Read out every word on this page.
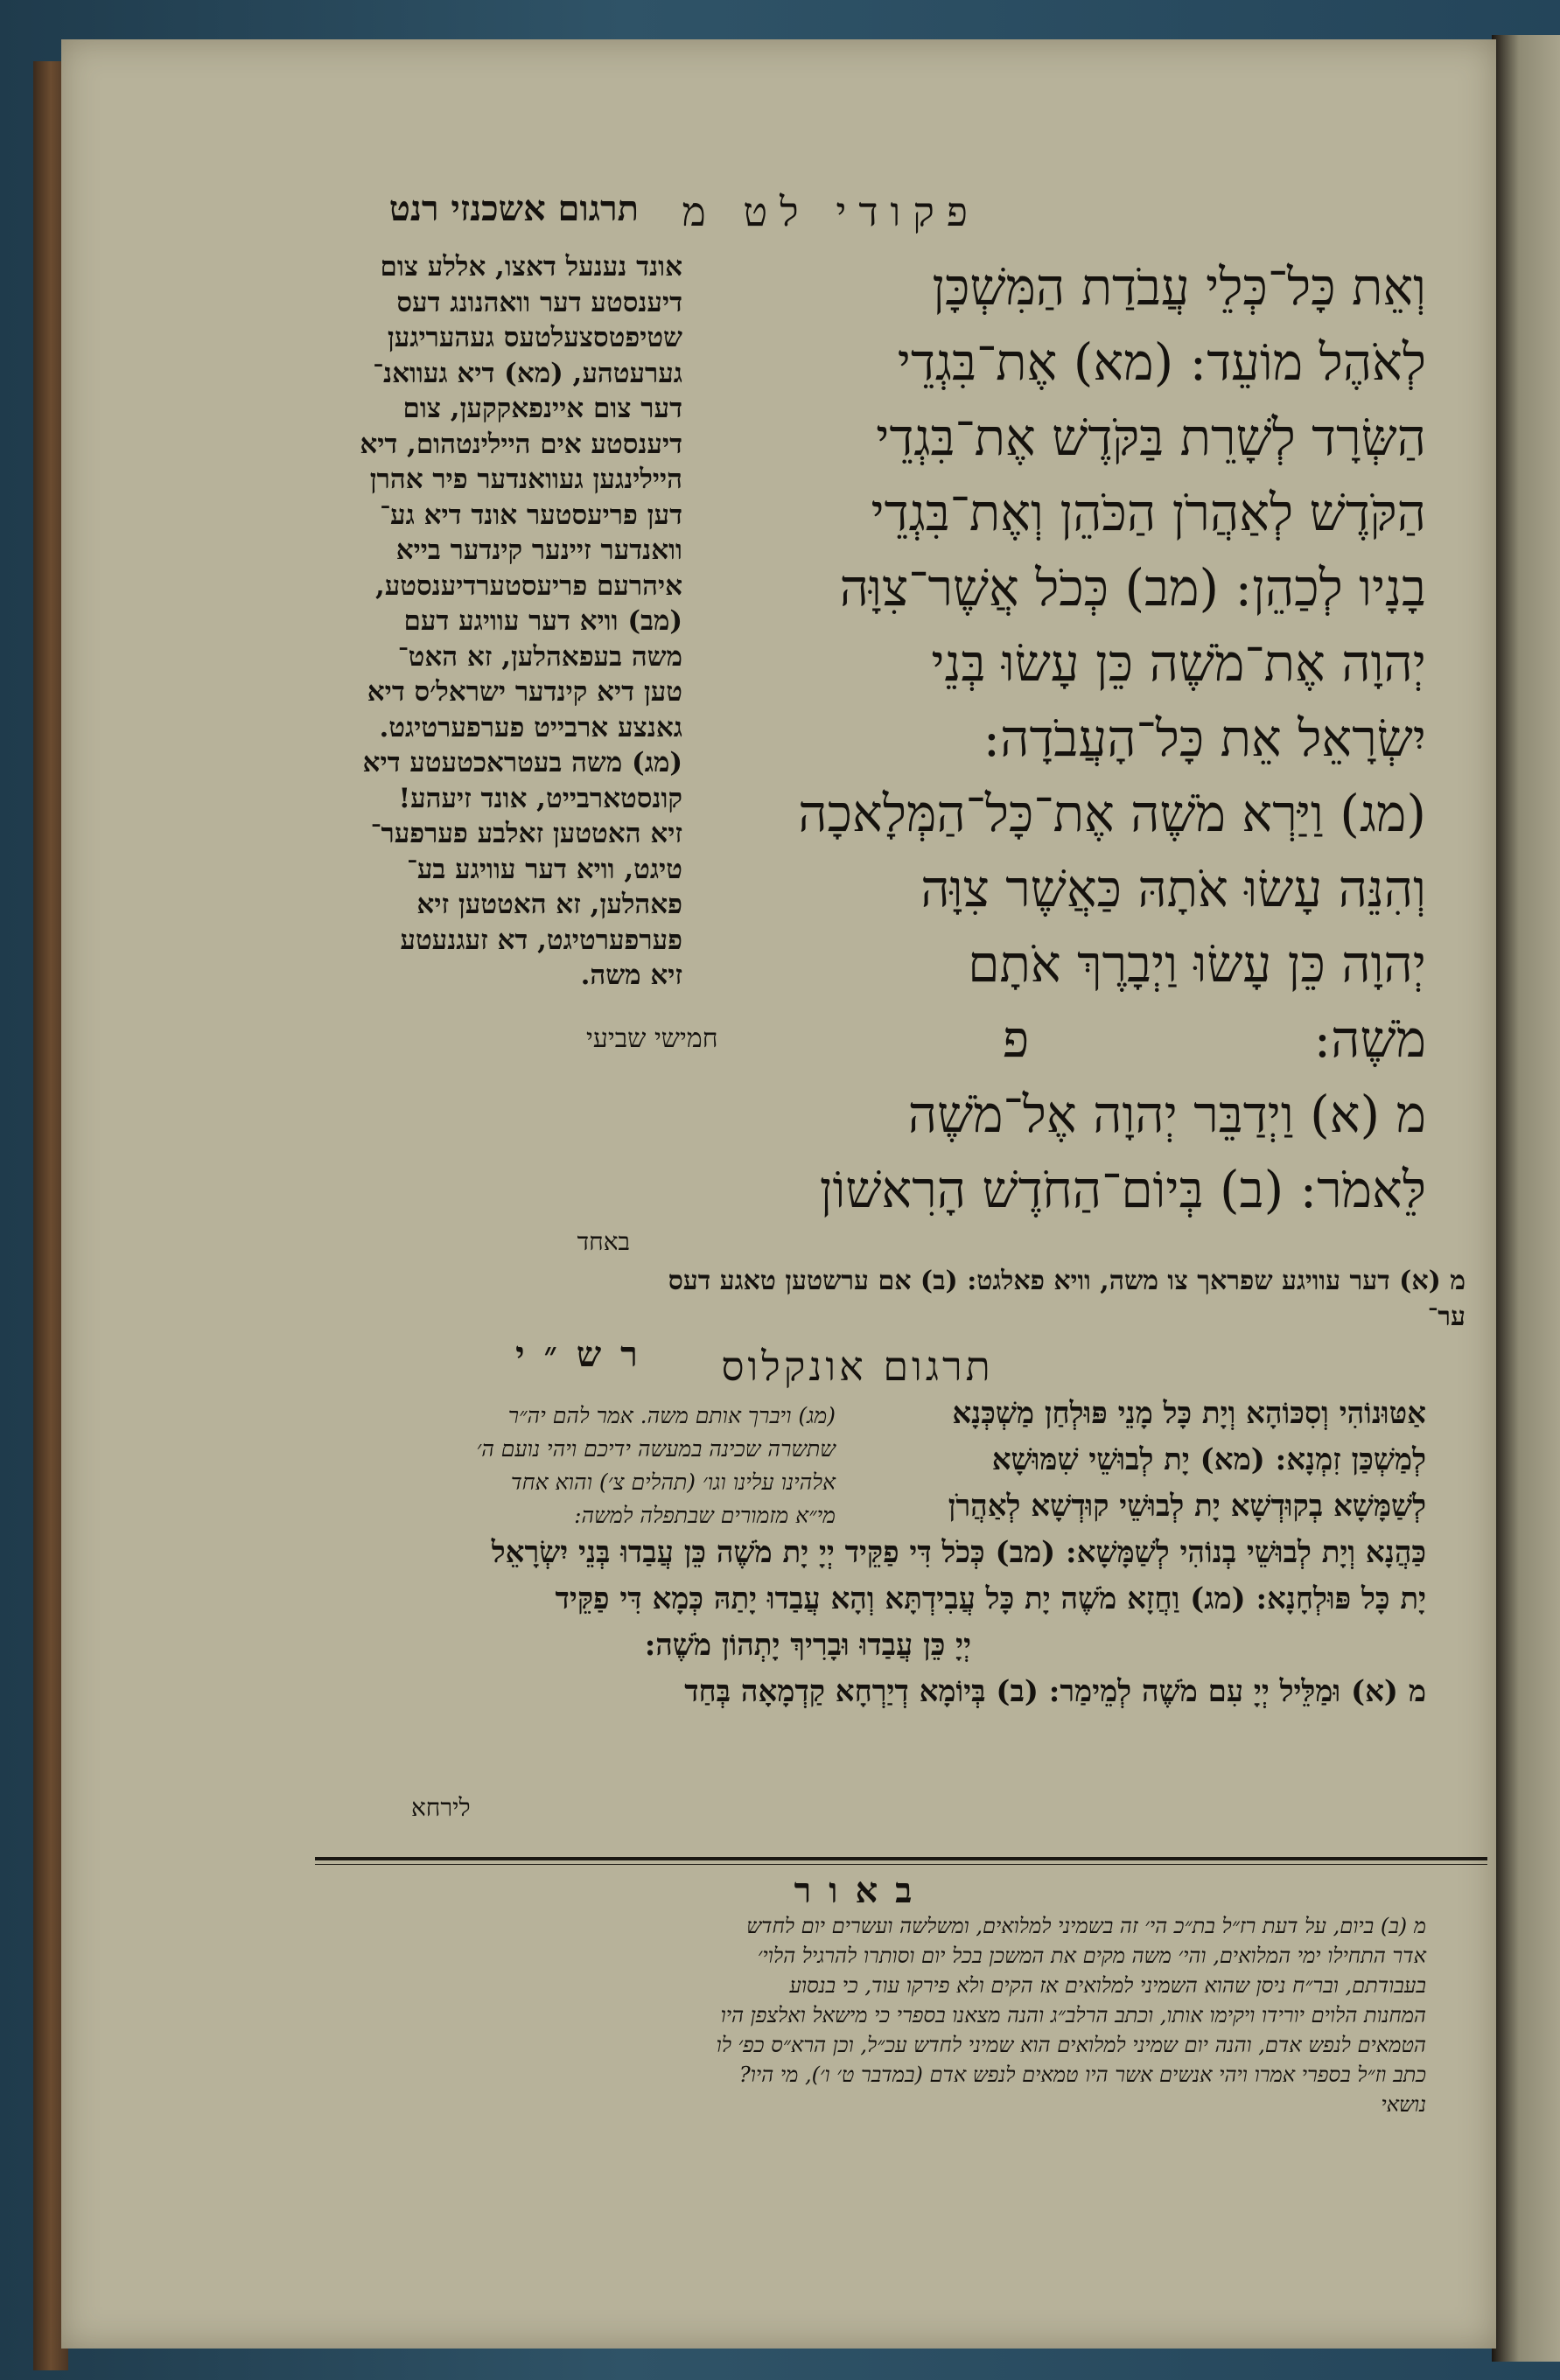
פקודי לט מ
תרגום אשכנזי רנט
וְאֵת כָּל־כְּלֵי עֲבֹדַת הַמִּשְׁכָּן
לְאֹהֶל מוֹעֵד: (מא) אֶת־בִּגְדֵי
הַשְּׂרָד לְשָׁרֵת בַּקֹּדֶשׁ אֶת־בִּגְדֵי
הַקֹּדֶשׁ לְאַהֲרֹן הַכֹּהֵן וְאֶת־בִּגְדֵי
בָנָיו לְכַהֵן: (מב) כְּכֹל אֲשֶׁר־צִוָּה
יְהוָה אֶת־מֹשֶׁה כֵּן עָשׂוּ בְּנֵי
יִשְׂרָאֵל אֵת כָּל־הָעֲבֹדָה:
(מג) וַיַּרְא מֹשֶׁה אֶת־כָּל־הַמְּלָאכָה
וְהִנֵּה עָשׂוּ אֹתָהּ כַּאֲשֶׁר צִוָּה
יְהוָה כֵּן עָשׂוּ וַיְבָרֶךְ אֹתָם
מֹשֶׁה:
פ
חמישי שביעי
מ (א) וַיְדַבֵּר יְהוָה אֶל־מֹשֶׁה
לֵּאמֹר: (ב) בְּיוֹם־הַחֹדֶשׁ הָרִאשׁוֹן
באחד
אונד נענעל דאצו, אללע צום
דיענסטע דער וואהנונג דעס
שטיפטסצעלטעס געהעריגען
גערעטהע, (מא) דיא געוואנ־
דער צום איינפאקקען, צום
דיענסטע אים היילינטהום, דיא
היילינגען געוואנדער פיר אהרן
דען פריעסטער אונד דיא גע־
וואנדער זיינער קינדער בייא
איהרעם פריעסטערדיענסטע,
(מב) וויא דער עוויגע דעם
משה בעפאהלען, זא האט־
טען דיא קינדער ישראל׳ס דיא
גאנצע ארבייט פערפערטיגט.
(מג) משה בעטראכטעטע דיא
קונסטארבייט, אונד זיעהע!
זיא האטטען זאלבע פערפער־
טיגט, וויא דער עוויגע בע־
פאהלען, זא האטטען זיא
פערפערטיגט, דא זעגנעטע
זיא משה.
מ (א) דער עוויגע שפראך צו משה, וויא פאלגט: (ב) אם ערשטען טאגע דעס
ער־
תרגום אונקלוס
אַטּוּנוֹהִי וְסִכּוֹהָא וְיָת כָּל מָנֵי פּוּלְחַן מַשְׁכְּנָא
לְמַשְׁכַּן זִמְנָא: (מא) יָת לְבוּשֵׁי שִׁמּוּשָׁא
לְשַׁמָּשָׁא בְקוּדְשָׁא יָת לְבוּשֵׁי קוּדְשָׁא לְאַהֲרֹן
כַּהֲנָא וְיָת לְבוּשֵׁי בְנוֹהִי לְשַׁמָּשָׁא: (מב) כְּכֹל דִּי פַקֵּיד יְיָ יָת מֹשֶׁה כֵּן עֲבַדוּ בְּנֵי יִשְׂרָאֵל
יָת כָּל פּוּלְחָנָא: (מג) וַחֲזָא מֹשֶׁה יָת כָּל עֲבִידְתָּא וְהָא עֲבַדוּ יָתַהּ כְּמָא דִּי פַקֵּיד
יְיָ כֵּן עֲבַדוּ וּבָרִיךְ יָתְהוֹן מֹשֶׁה:
מ (א) וּמַלֵּיל יְיָ עִם מֹשֶׁה לְמֵימַר: (ב) בְּיוֹמָא דְיַרְחָא קַדְמָאָה בְּחַד
לירחא
רש״י
(מג) ויברך אותם משה. אמר להם יה״ר
שתשרה שכינה במעשה ידיכם ויהי נועם ה׳
אלהינו עלינו וגו׳ (תהלים צ׳) והוא אחד
מי״א מזמורים שבתפלה למשה:
באור
מ (ב) ביום, על דעת רז״ל בת״כ הי׳ זה בשמיני למלואים, ומשלשה ועשרים יום לחדש
אדר התחילו ימי המלואים, והי׳ משה מקים את המשכן בכל יום וסותרו להרגיל הלוי׳
בעבודתם, ובר״ח ניסן שהוא השמיני למלואים אז הקים ולא פירקו עוד, כי בנסוע
המחנות הלוים יורידו ויקימו אותו, וכתב הרלב״ג והנה מצאנו בספרי כי מישאל ואלצפן היו
הטמאים לנפש אדם, והנה יום שמיני למלואים הוא שמיני לחדש עכ״ל, וכן הרא״ס כפ׳ לו
כתב וז״ל בספרי אמרו ויהי אנשים אשר היו טמאים לנפש אדם (במדבר ט׳ ו׳), מי היו?
נושאי
